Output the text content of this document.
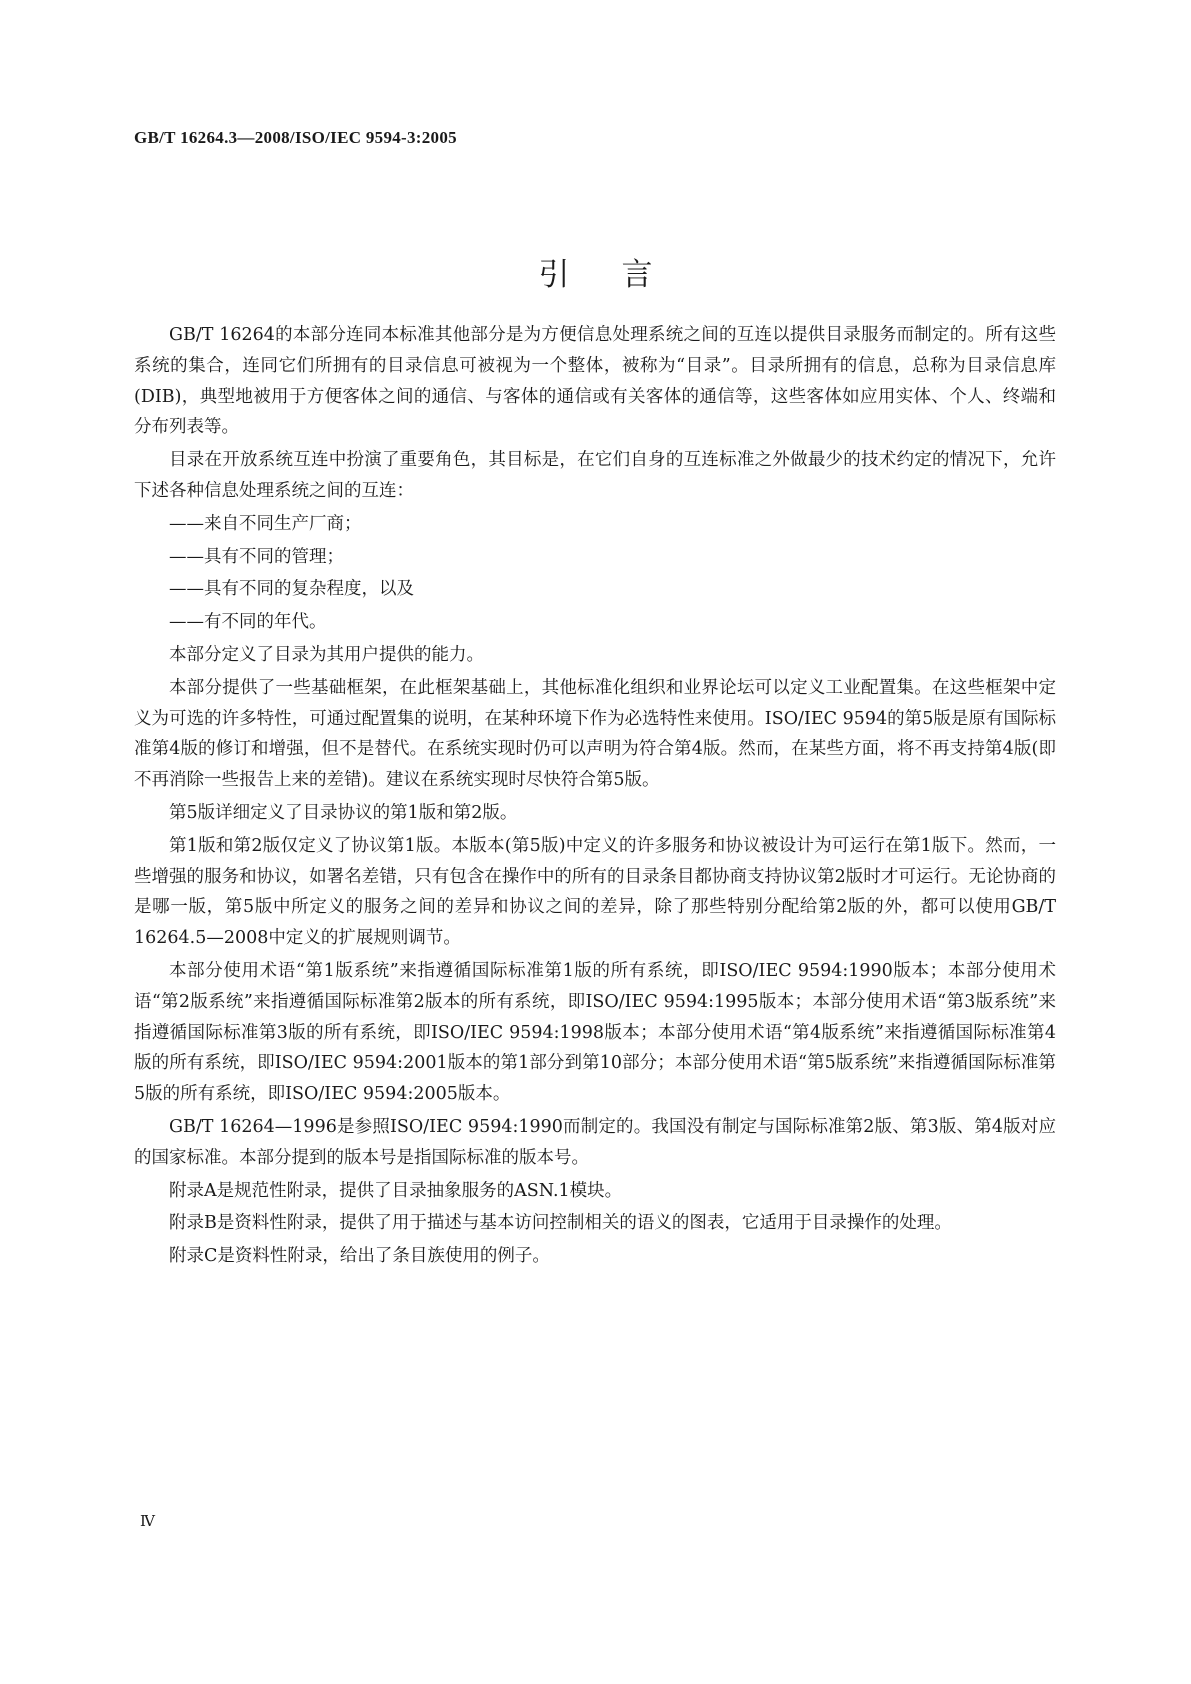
GB/T 16264.3—2008/ISO/IEC 9594-3:2005
引言

GB/T 16264的本部分连同本标准其他部分是为方便信息处理系统之间的互连以提供目录服务而制定的。所有这些系统的集合，连同它们所拥有的目录信息可被视为一个整体，被称为“目录”。目录所拥有的信息，总称为目录信息库(DIB)，典型地被用于方便客体之间的通信、与客体的通信或有关客体的通信等，这些客体如应用实体、个人、终端和分布列表等。

目录在开放系统互连中扮演了重要角色，其目标是，在它们自身的互连标准之外做最少的技术约定的情况下，允许下述各种信息处理系统之间的互连：

——来自不同生产厂商；

——具有不同的管理；

——具有不同的复杂程度，以及

——有不同的年代。

本部分定义了目录为其用户提供的能力。

本部分提供了一些基础框架，在此框架基础上，其他标准化组织和业界论坛可以定义工业配置集。在这些框架中定义为可选的许多特性，可通过配置集的说明，在某种环境下作为必选特性来使用。ISO/IEC 9594的第5版是原有国际标准第4版的修订和增强，但不是替代。在系统实现时仍可以声明为符合第4版。然而，在某些方面，将不再支持第4版(即不再消除一些报告上来的差错)。建议在系统实现时尽快符合第5版。

第5版详细定义了目录协议的第1版和第2版。

第1版和第2版仅定义了协议第1版。本版本(第5版)中定义的许多服务和协议被设计为可运行在第1版下。然而，一些增强的服务和协议，如署名差错，只有包含在操作中的所有的目录条目都协商支持协议第2版时才可运行。无论协商的是哪一版，第5版中所定义的服务之间的差异和协议之间的差异，除了那些特别分配给第2版的外，都可以使用GB/T 16264.5—2008中定义的扩展规则调节。

本部分使用术语“第1版系统”来指遵循国际标准第1版的所有系统，即ISO/IEC 9594:1990版本；本部分使用术语“第2版系统”来指遵循国际标准第2版本的所有系统，即ISO/IEC 9594:1995版本；本部分使用术语“第3版系统”来指遵循国际标准第3版的所有系统，即ISO/IEC 9594:1998版本；本部分使用术语“第4版系统”来指遵循国际标准第4版的所有系统，即ISO/IEC 9594:2001版本的第1部分到第10部分；本部分使用术语“第5版系统”来指遵循国际标准第5版的所有系统，即ISO/IEC 9594:2005版本。

GB/T 16264—1996是参照ISO/IEC 9594:1990而制定的。我国没有制定与国际标准第2版、第3版、第4版对应的国家标准。本部分提到的版本号是指国际标准的版本号。

附录A是规范性附录，提供了目录抽象服务的ASN.1模块。

附录B是资料性附录，提供了用于描述与基本访问控制相关的语义的图表，它适用于目录操作的处理。

附录C是资料性附录，给出了条目族使用的例子。

Ⅳ
